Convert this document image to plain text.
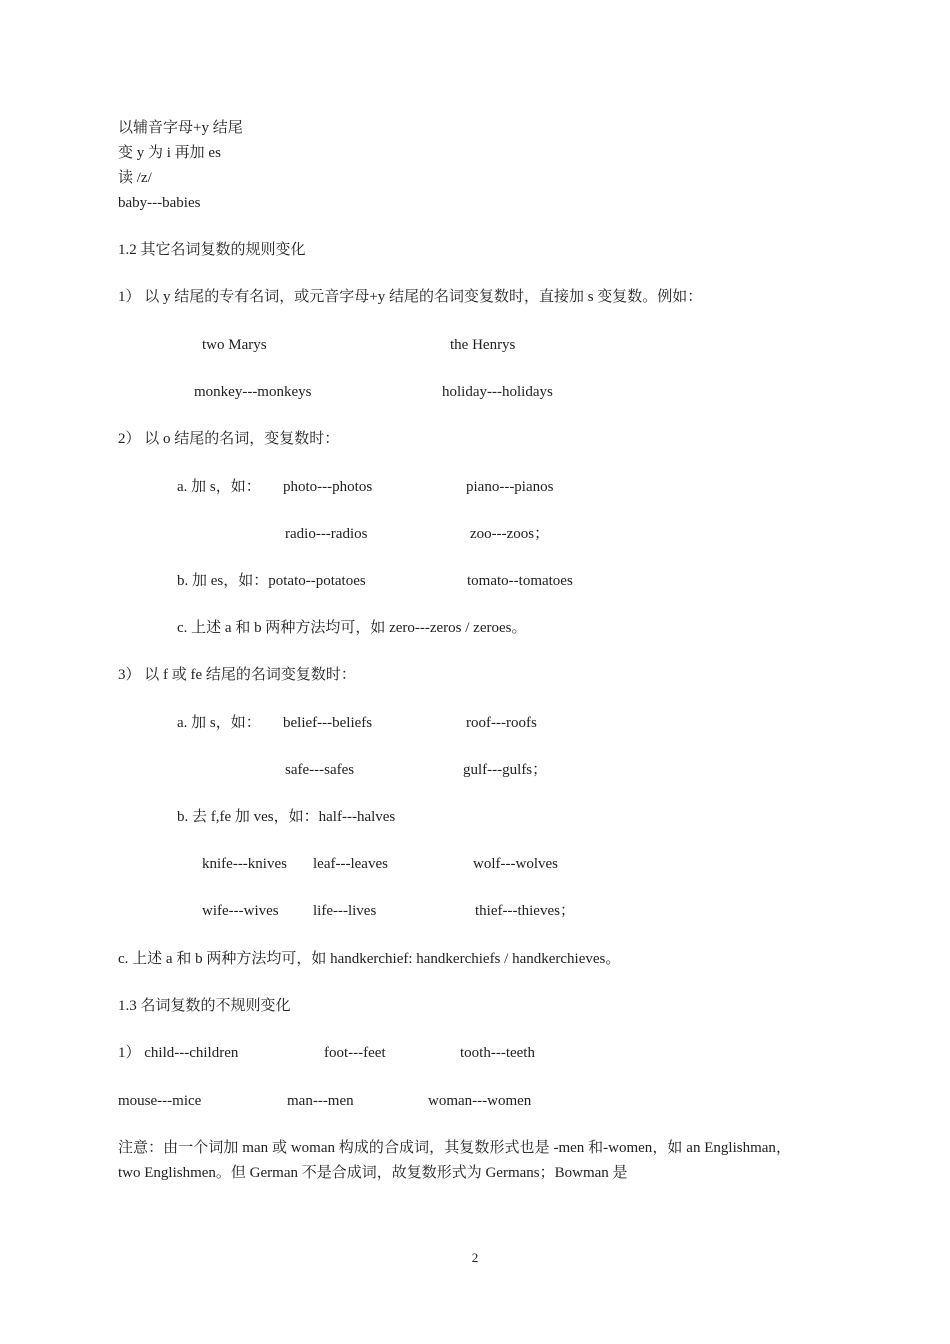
以辅音字母+y 结尾
变 y 为 i 再加 es
读 /z/
baby---babies
1.2 其它名词复数的规则变化
1） 以 y 结尾的专有名词，或元音字母+y 结尾的名词变复数时，直接加 s 变复数。例如：
two Marys	the Henrys
monkey---monkeys	holiday---holidays
2） 以 o 结尾的名词，变复数时：
a. 加 s，如： photo---photos	piano---pianos
radio---radios	zoo---zoos；
b. 加 es，如：potato--potatoes	tomato--tomatoes
c. 上述 a 和 b 两种方法均可，如 zero---zeros / zeroes。
3） 以 f 或 fe 结尾的名词变复数时：
a. 加 s，如： belief---beliefs	roof---roofs
safe---safes	gulf---gulfs；
b. 去 f,fe 加 ves，如：half---halves
knife---knives leaf---leaves	wolf---wolves
wife---wives life---lives	thief---thieves；
c. 上述 a 和 b 两种方法均可，如 handkerchief: handkerchiefs / handkerchieves。
1.3 名词复数的不规则变化
1） child---children	foot---feet	tooth---teeth
mouse---mice	man---men	woman---women
注意：由一个词加 man 或 woman 构成的合成词，其复数形式也是 -men 和-women，如 an Englishman，two Englishmen。但 German 不是合成词，故复数形式为 Germans；Bowman 是
2
